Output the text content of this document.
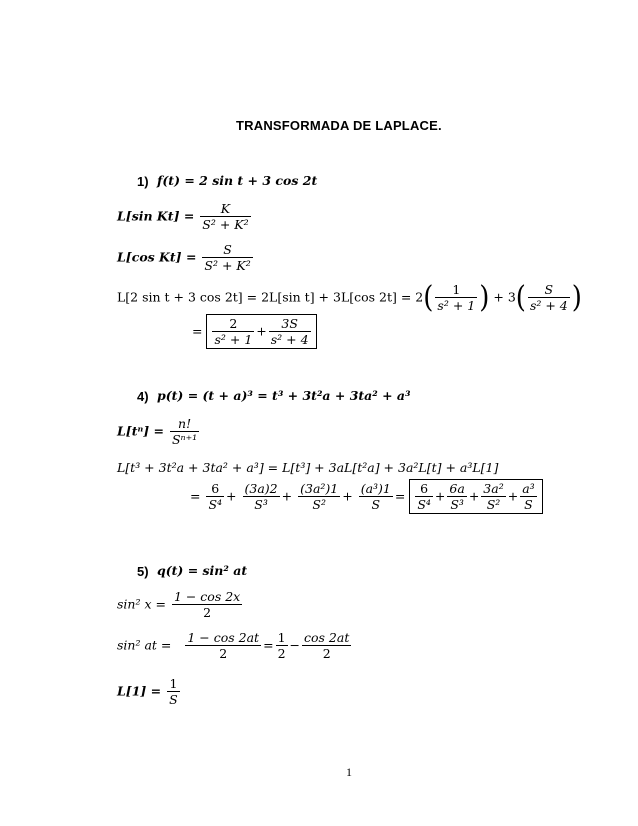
TRANSFORMADA DE LAPLACE.
1) f(t) = 2 sin t + 3 cos 2t
L[sin $Kt] = \frac{K}{\text{S² + K²}}$
L[cos $Kt] = \frac{S}{\text{S² + K²}}$
L[2 sin t + 3 cos 2t] = 2L[sin t] + 3L[cos $2t] = 2( \frac{1}{\text{s² + 1}}$ ) + $3( \frac{S}{\text{s² + 4}}$ )
= $\frac{2}{\text{s² + 1}} + \frac{3S}{\text{s² + 4}}$
4) p(t) = (t + a)³ = t³ + 3t²a + 3ta² + a³
$L[t^n] = \frac{n!}{\text{Sⁿ⁺¹}}$
L[t³ + 3t²a + 3ta² + a³] = L[t³] + 3aL[t²a] + 3a²L[t] + a³L[1]
= $\frac{6}{\text{S⁴}} + \frac{(3a)2}{\text{S³}} + \frac{\text{(3a²)1}}{\text{S²}} + \frac{\text{(a³)1}}{S} = \frac{6}{\text{S⁴}} + \frac{6a}{\text{S³}} + \frac{\text{3a²}}{\text{S²}} + \frac{\text{a³}}{S}$
5) q(t) = sin² at
sin² $x = \frac{1 - \cos 2x}{2}$
sin² at = $\frac{1 - \cos 2at}{2} = \frac{1}{2} - \frac{\cos 2at}{2}$
$L[1] = \frac{1}{S}$
1
